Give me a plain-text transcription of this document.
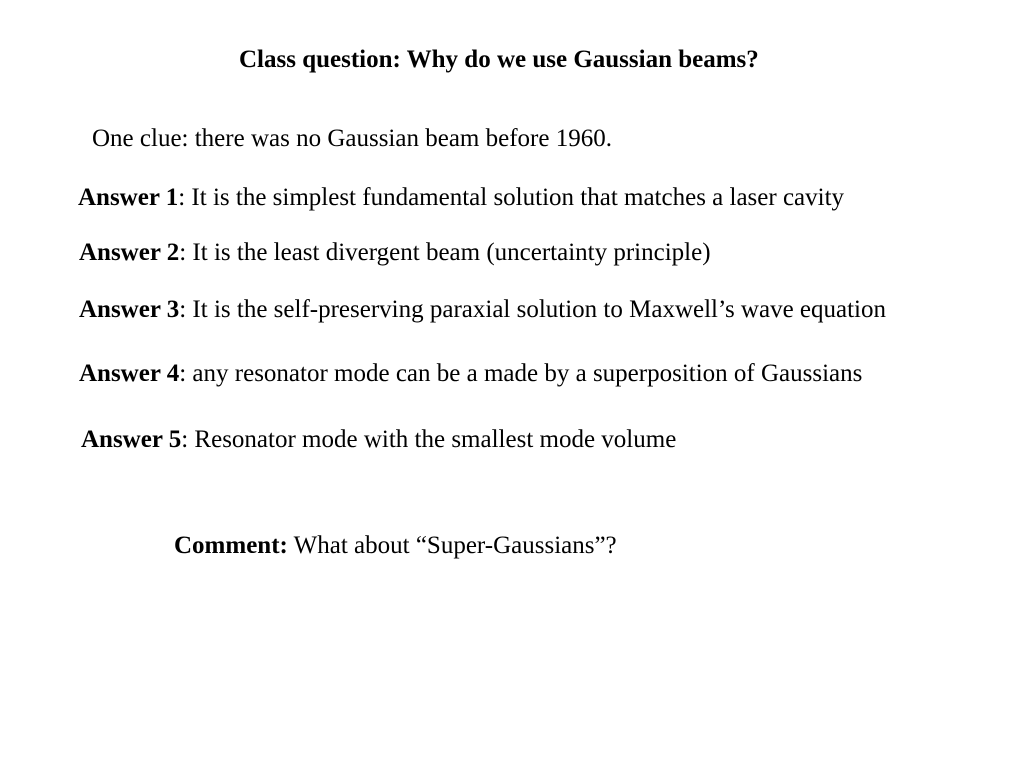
Class question: Why do we use Gaussian beams?
One clue: there was no Gaussian beam before 1960.
Answer 1: It is the simplest fundamental solution that matches a laser cavity
Answer 2: It is the least divergent beam (uncertainty principle)
Answer 3: It is the self-preserving paraxial solution to Maxwell’s wave equation
Answer 4: any resonator mode can be a made by a superposition of Gaussians
Answer 5: Resonator mode with the smallest mode volume
Comment: What about “Super-Gaussians”?
